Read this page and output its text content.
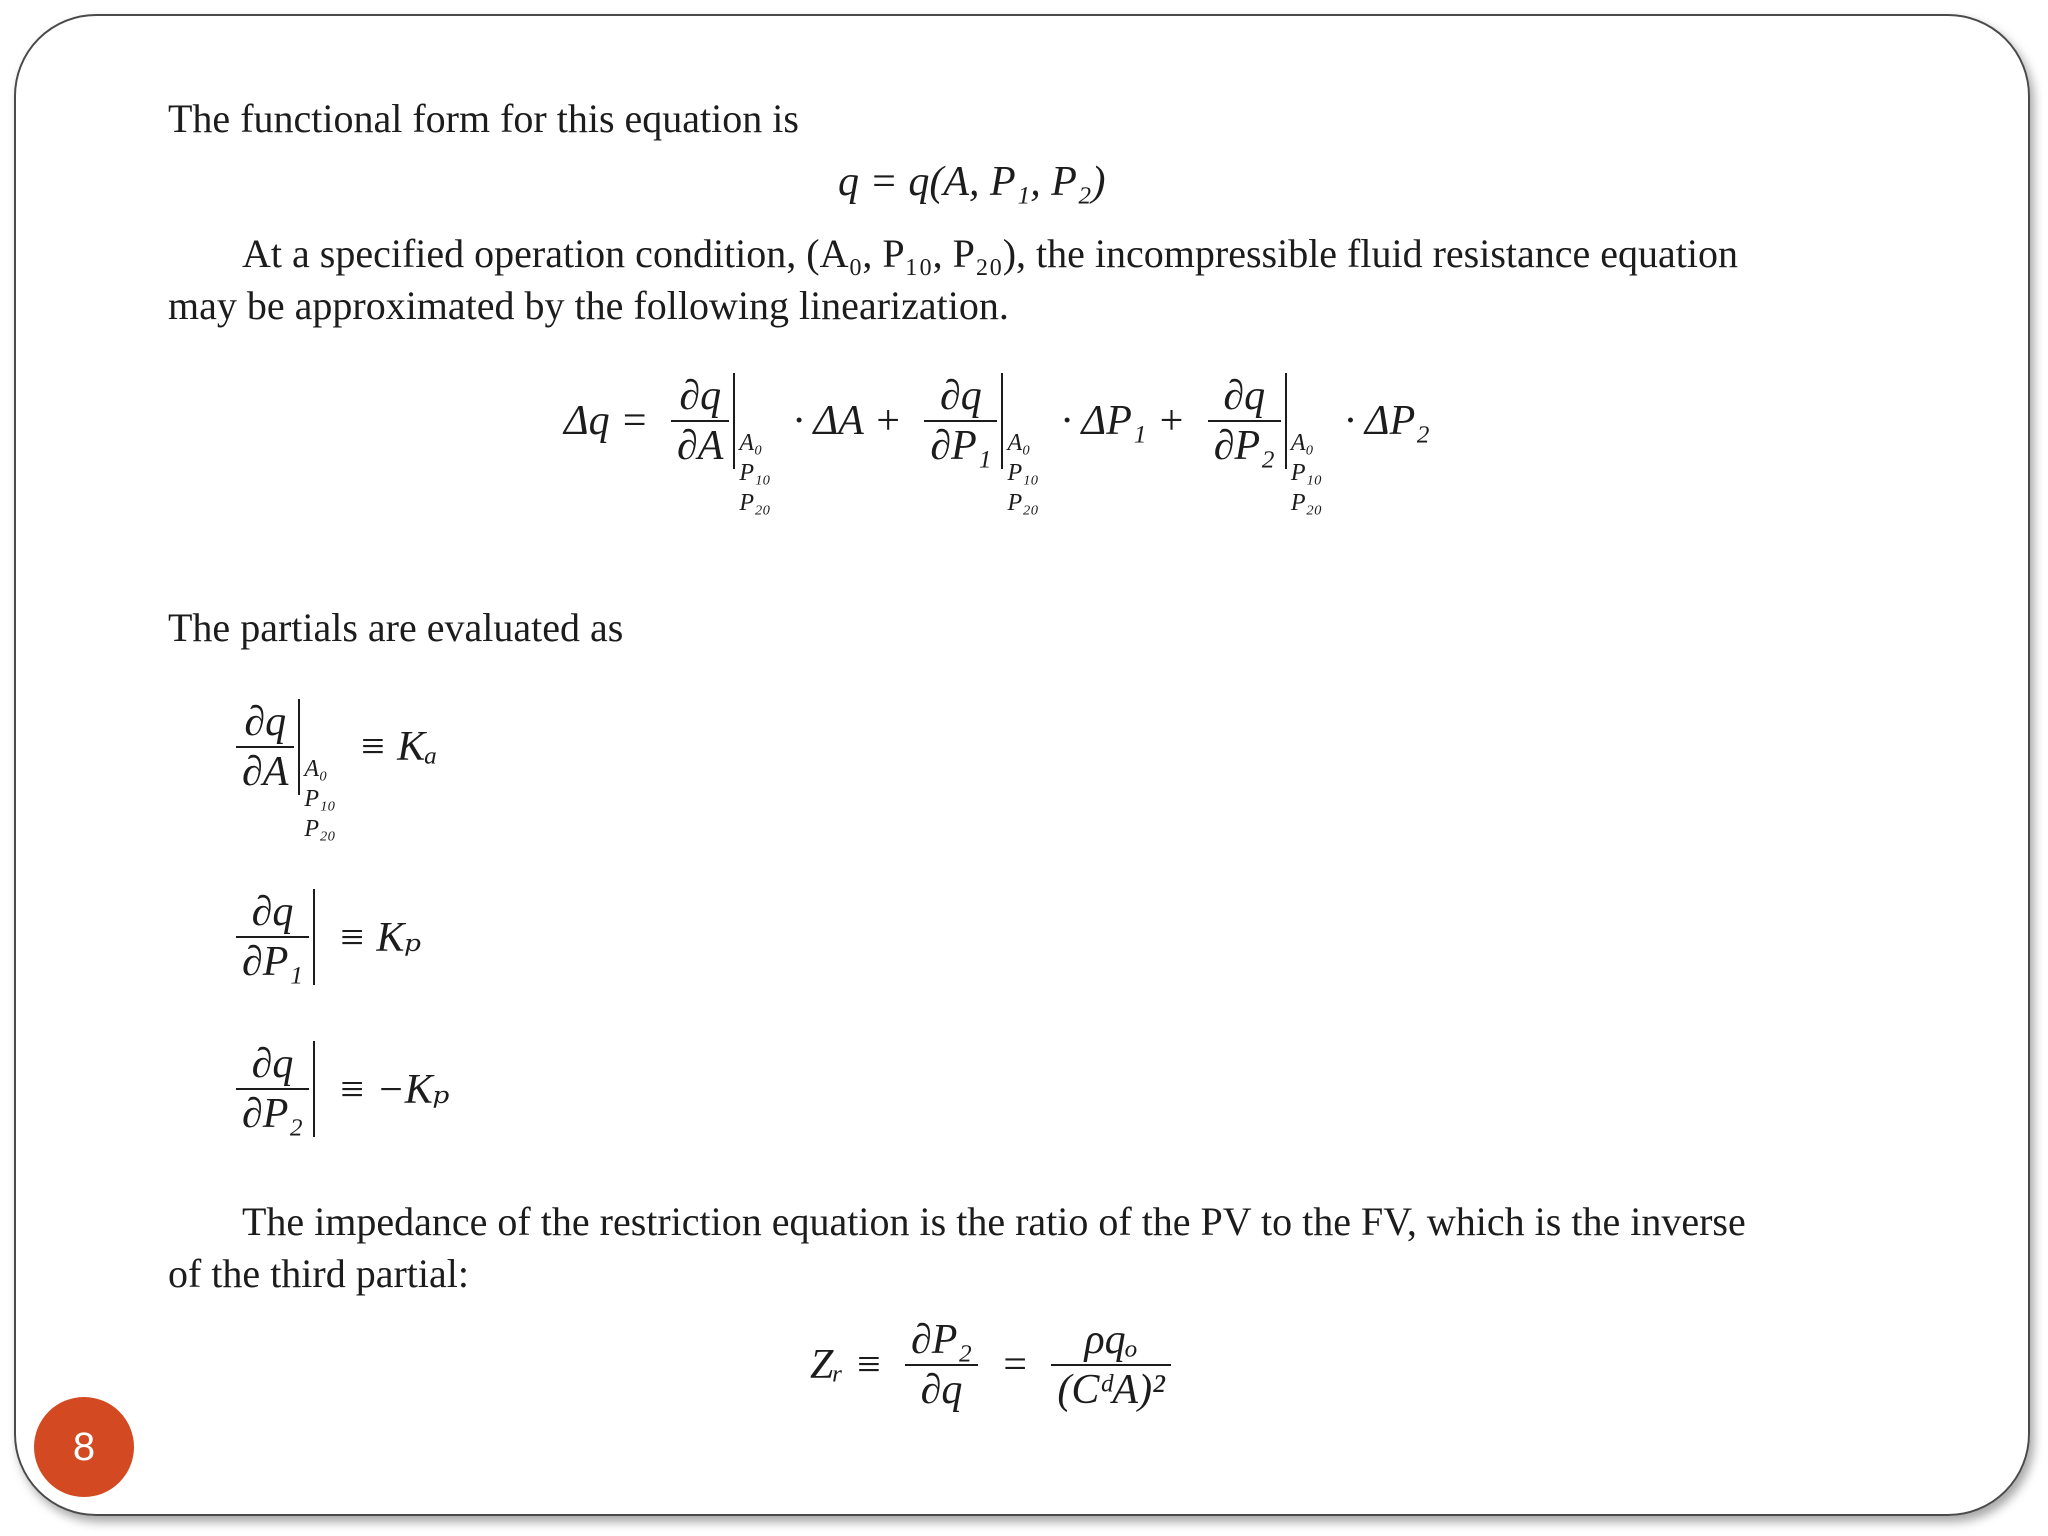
The functional form for this equation is
q = q(A, P₁, P₂)
At a specified operation condition, (A₀, P₁₀, P₂₀), the incompressible fluid resistance equation
may be approximated by the following linearization.
$\Delta q = \frac{\partial q}{\partial A} A_0$
P₁₀
P₂₀
· $\Delta A + \frac{\partial q}{\text{∂P₁}} A_0$
P₁₀
P₂₀
· $\Delta P_1 + \frac{\partial q}{\text{∂P₂}} A_0$
P₁₀
P₂₀
· ΔP₂
The partials are evaluated as
$\frac{\partial q}{\partial A} A_0$
P₁₀
P₂₀
≡ Kₐ
$\frac{\partial q}{\text{∂P₁}} \equiv K_p$
$\frac{\partial q}{\text{∂P₂}} \equiv -K_p$
The impedance of the restriction equation is the ratio of the PV to the FV, which is the inverse
of the third partial:
Zᵣ ≡ $\frac{\text{∂P₂}}{\partial q} = \frac{\text{ρqₒ}}{\text{(CᵈA)²}}$
8
